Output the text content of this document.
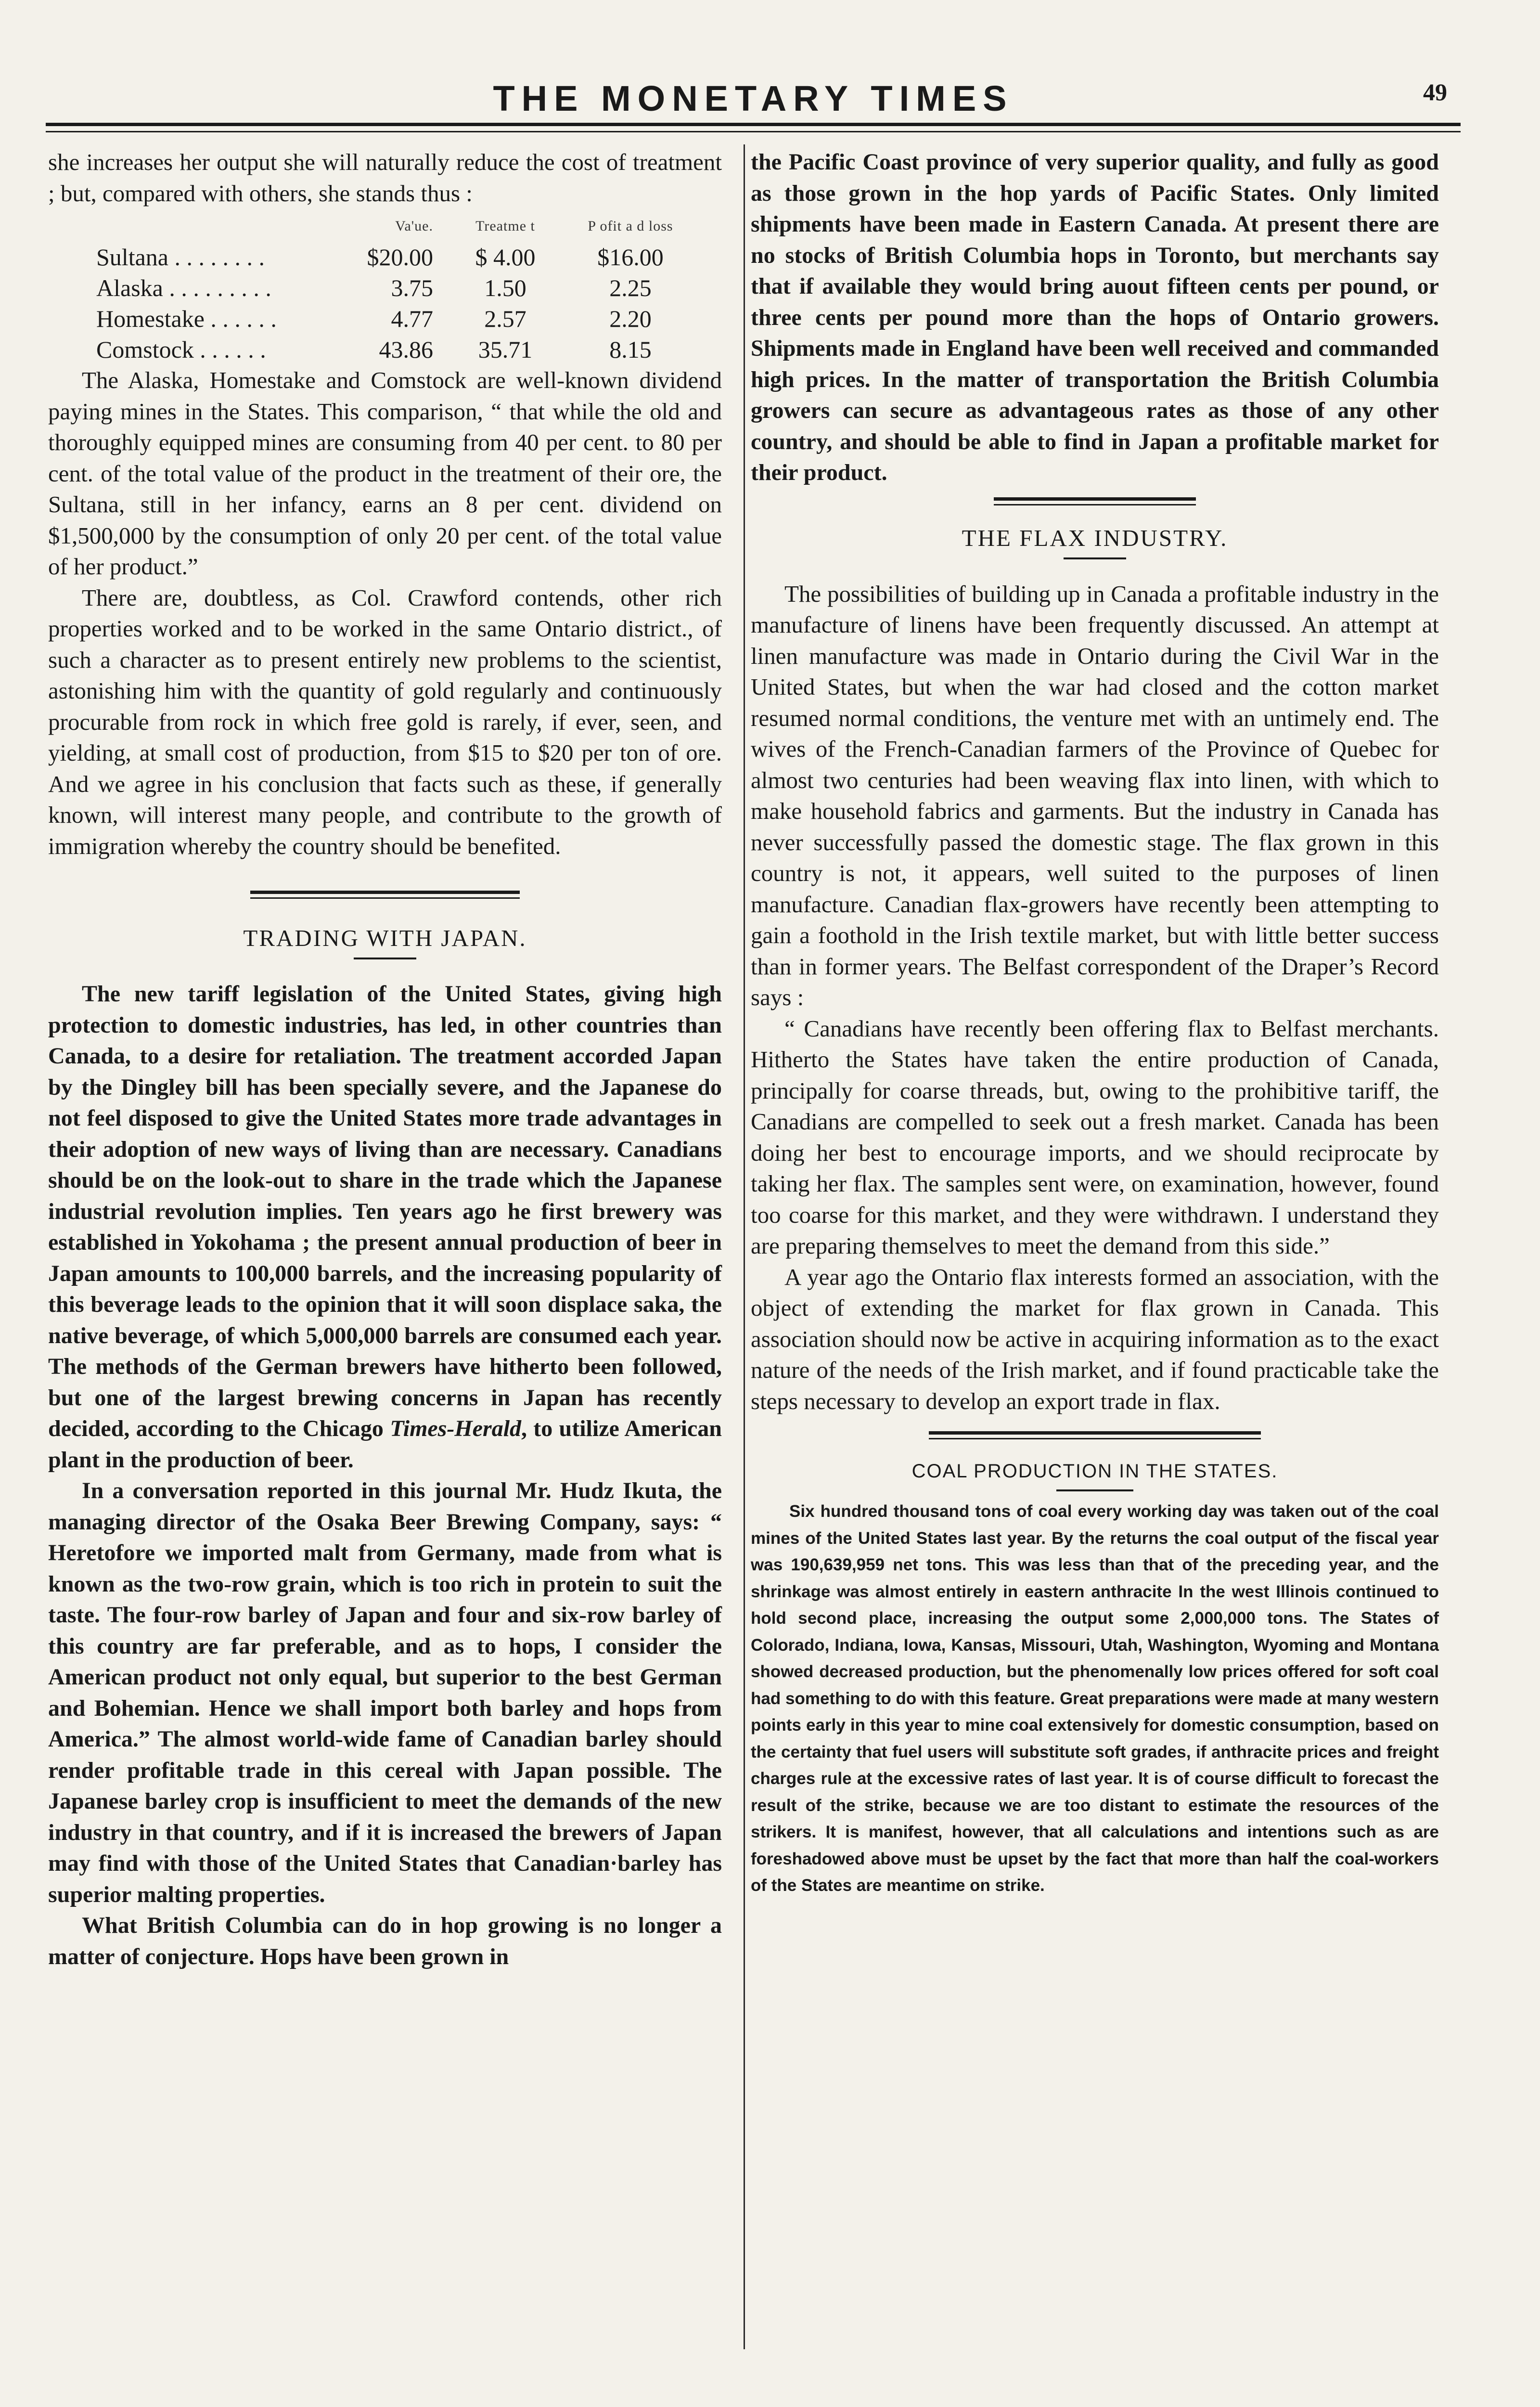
THE MONETARY TIMES	49

she increases her output she will naturally reduce the cost of treatment ; but, compared with others, she stands thus :

	Va'ue.	Treatme t	P ofit a d loss
Sultana . . . . . . . .	$20.00	$ 4.00	$16.00
Alaska . . . . . . . . .	3.75	1.50	2.25
Homestake . . . . . .	4.77	2.57	2.20
Comstock . . . . . .	43.86	35.71	8.15

The Alaska, Homestake and Comstock are well-known dividend paying mines in the States. This comparison, “ that while the old and thoroughly equipped mines are consuming from 40 per cent. to 80 per cent. of the total value of the product in the treatment of their ore, the Sultana, still in her infancy, earns an 8 per cent. dividend on $1,500,000 by the consumption of only 20 per cent. of the total value of her product.”

There are, doubtless, as Col. Crawford contends, other rich properties worked and to be worked in the same Ontario district., of such a character as to present entirely new problems to the scientist, astonishing him with the quantity of gold regularly and continuously procurable from rock in which free gold is rarely, if ever, seen, and yielding, at small cost of production, from $15 to $20 per ton of ore. And we agree in his conclusion that facts such as these, if generally known, will interest many people, and contribute to the growth of immigration whereby the country should be benefited.

TRADING WITH JAPAN.

The new tariff legislation of the United States, giving high protection to domestic industries, has led, in other countries than Canada, to a desire for retaliation. The treatment accorded Japan by the Dingley bill has been specially severe, and the Japanese do not feel disposed to give the United States more trade advantages in their adoption of new ways of living than are necessary. Canadians should be on the look-out to share in the trade which the Japanese industrial revolution implies. Ten years ago he first brewery was established in Yokohama ; the present annual production of beer in Japan amounts to 100,000 barrels, and the increasing popularity of this beverage leads to the opinion that it will soon displace saka, the native beverage, of which 5,000,000 barrels are consumed each year. The methods of the German brewers have hitherto been followed, but one of the largest brewing concerns in Japan has recently decided, according to the Chicago Times-Herald, to utilize American plant in the production of beer.

In a conversation reported in this journal Mr. Hudz Ikuta, the managing director of the Osaka Beer Brewing Company, says: “ Heretofore we imported malt from Germany, made from what is known as the two-row grain, which is too rich in protein to suit the taste. The four-row barley of Japan and four and six-row barley of this country are far preferable, and as to hops, I consider the American product not only equal, but superior to the best German and Bohemian. Hence we shall import both barley and hops from America.” The almost world-wide fame of Canadian barley should render profitable trade in this cereal with Japan possible. The Japanese barley crop is insufficient to meet the demands of the new industry in that country, and if it is increased the brewers of Japan may find with those of the United States that Canadian·barley has superior malting properties.

What British Columbia can do in hop growing is no longer a matter of conjecture. Hops have been grown in

the Pacific Coast province of very superior quality, and fully as good as those grown in the hop yards of Pacific States. Only limited shipments have been made in Eastern Canada. At present there are no stocks of British Columbia hops in Toronto, but merchants say that if available they would bring auout fifteen cents per pound, or three cents per pound more than the hops of Ontario growers. Shipments made in England have been well received and commanded high prices. In the matter of transportation the British Columbia growers can secure as advantageous rates as those of any other country, and should be able to find in Japan a profitable market for their product.

THE FLAX INDUSTRY.

The possibilities of building up in Canada a profitable industry in the manufacture of linens have been frequently discussed. An attempt at linen manufacture was made in Ontario during the Civil War in the United States, but when the war had closed and the cotton market resumed normal conditions, the venture met with an untimely end. The wives of the French-Canadian farmers of the Province of Quebec for almost two centuries had been weaving flax into linen, with which to make household fabrics and garments. But the industry in Canada has never successfully passed the domestic stage. The flax grown in this country is not, it appears, well suited to the purposes of linen manufacture. Canadian flax-growers have recently been attempting to gain a foothold in the Irish textile market, but with little better success than in former years. The Belfast correspondent of the Draper’s Record says :

“ Canadians have recently been offering flax to Belfast merchants. Hitherto the States have taken the entire production of Canada, principally for coarse threads, but, owing to the prohibitive tariff, the Canadians are compelled to seek out a fresh market. Canada has been doing her best to encourage imports, and we should reciprocate by taking her flax. The samples sent were, on examination, however, found too coarse for this market, and they were withdrawn. I understand they are preparing themselves to meet the demand from this side.”

A year ago the Ontario flax interests formed an association, with the object of extending the market for flax grown in Canada. This association should now be active in acquiring information as to the exact nature of the needs of the Irish market, and if found practicable take the steps necessary to develop an export trade in flax.

COAL PRODUCTION IN THE STATES.

Six hundred thousand tons of coal every working day was taken out of the coal mines of the United States last year. By the returns the coal output of the fiscal year was 190,639,959 net tons. This was less than that of the preceding year, and the shrinkage was almost entirely in eastern anthracite In the west Illinois continued to hold second place, increasing the output some 2,000,000 tons. The States of Colorado, Indiana, Iowa, Kansas, Missouri, Utah, Washington, Wyoming and Montana showed decreased production, but the phenomenally low prices offered for soft coal had something to do with this feature. Great preparations were made at many western points early in this year to mine coal extensively for domestic consumption, based on the certainty that fuel users will substitute soft grades, if anthracite prices and freight charges rule at the excessive rates of last year. It is of course difficult to forecast the result of the strike, because we are too distant to estimate the resources of the strikers. It is manifest, however, that all calculations and intentions such as are foreshadowed above must be upset by the fact that more than half the coal-workers of the States are meantime on strike.
